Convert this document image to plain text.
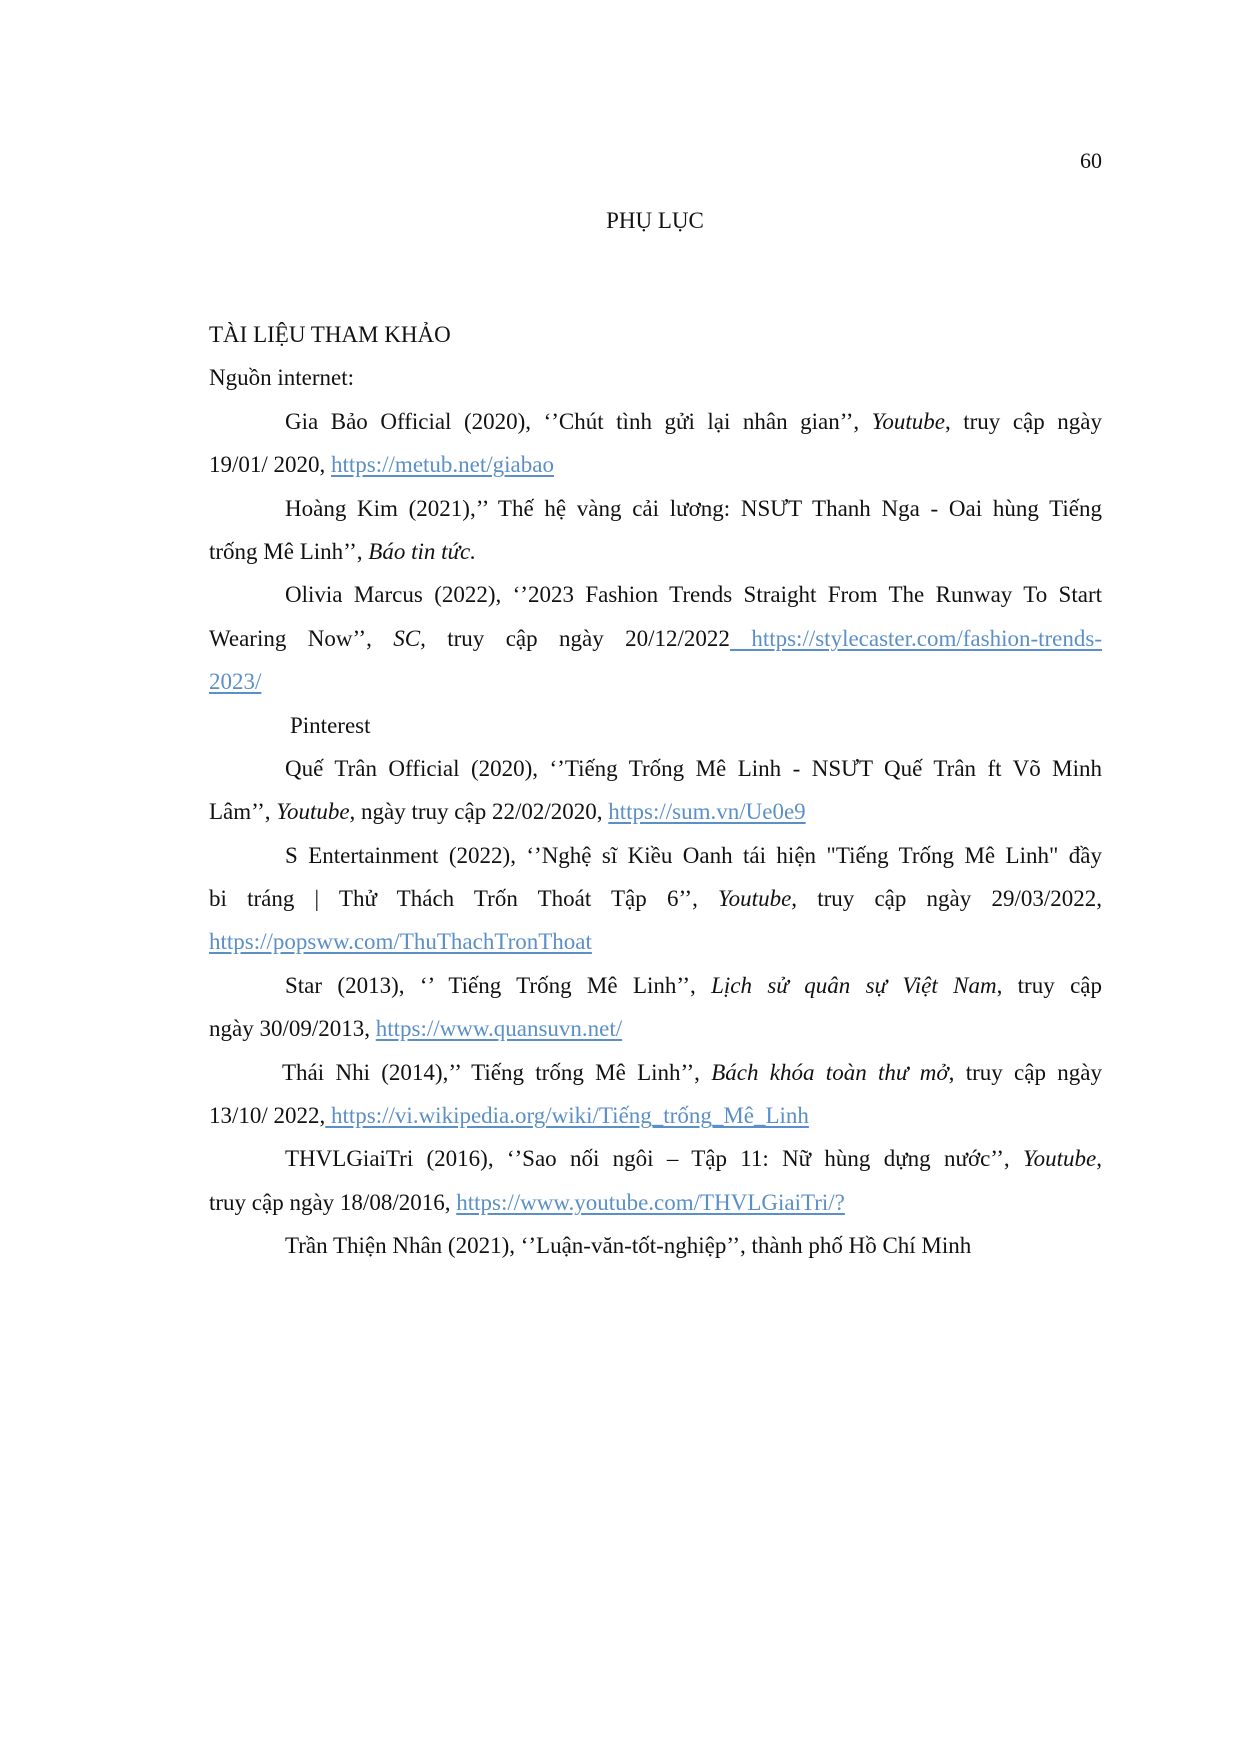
60
PHỤ LỤC
TÀI LIỆU THAM KHẢO
Nguồn internet:
Gia Bảo Official (2020), ‘’Chút tình gửi lại nhân gian’’, Youtube, truy cập ngày
19/01/ 2020, https://metub.net/giabao
Hoàng Kim (2021),’’ Thế hệ vàng cải lương: NSƯT Thanh Nga - Oai hùng Tiếng
trống Mê Linh’’, Báo tin tức.
Olivia Marcus (2022), ‘’2023 Fashion Trends Straight From The Runway To Start
Wearing Now’’, SC, truy cập ngày 20/12/2022 https://stylecaster.com/fashion-trends-
2023/
Pinterest
Quế Trân Official (2020), ‘’Tiếng Trống Mê Linh - NSƯT Quế Trân ft Võ Minh
Lâm’’, Youtube, ngày truy cập 22/02/2020, https://sum.vn/Ue0e9
S Entertainment (2022), ‘’Nghệ sĩ Kiều Oanh tái hiện "Tiếng Trống Mê Linh" đầy
bi tráng | Thử Thách Trốn Thoát Tập 6’’, Youtube, truy cập ngày 29/03/2022,
https://popsww.com/ThuThachTronThoat
Star (2013), ‘’ Tiếng Trống Mê Linh’’, Lịch sử quân sự Việt Nam, truy cập
ngày 30/09/2013, https://www.quansuvn.net/
Thái Nhi (2014),’’ Tiếng trống Mê Linh’’, Bách khóa toàn thư mở, truy cập ngày
13/10/ 2022, https://vi.wikipedia.org/wiki/Tiếng_trống_Mê_Linh
THVLGiaiTri (2016), ‘’Sao nối ngôi – Tập 11: Nữ hùng dựng nước’’, Youtube,
truy cập ngày 18/08/2016, https://www.youtube.com/THVLGiaiTri/?
Trần Thiện Nhân (2021), ‘’Luận-văn-tốt-nghiệp’’, thành phố Hồ Chí Minh
